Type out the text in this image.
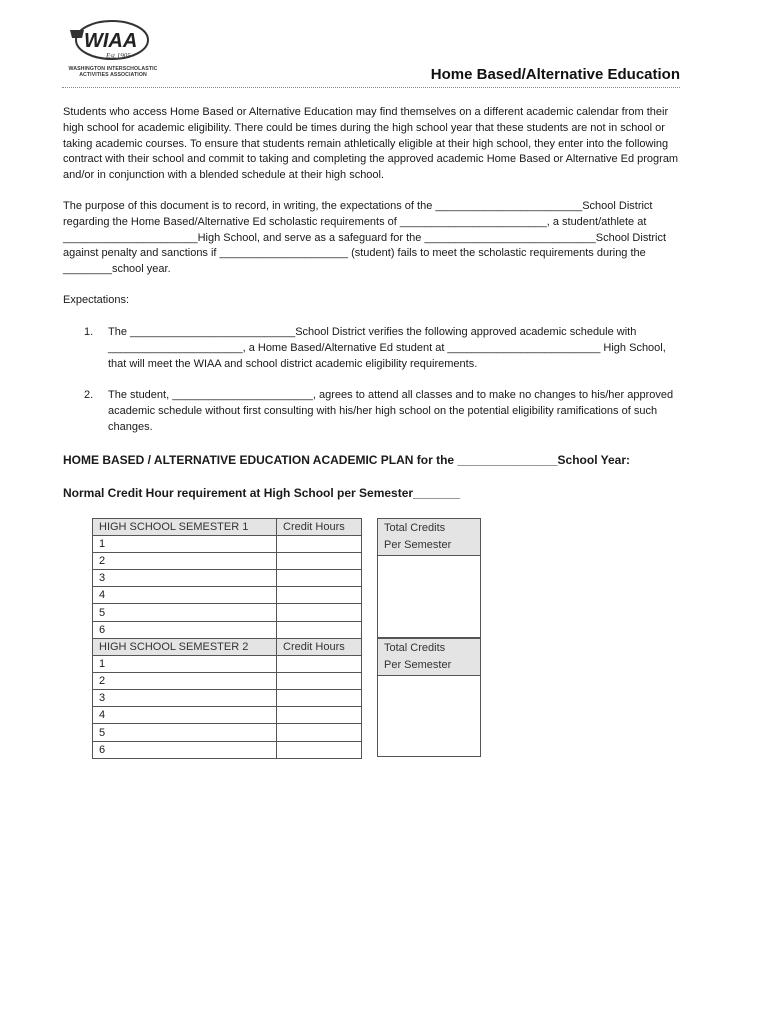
WIAA
Est.1905
WASHINGTON INTERSCHOLASTIC
ACTIVITIES ASSOCIATION	Home Based/Alternative Education
Students who access Home Based or Alternative Education may find themselves on a different academic calendar from their high school for academic eligibility. There could be times during the high school year that these students are not in school or taking academic courses. To ensure that students remain athletically eligible at their high school, they enter into the following contract with their school and commit to taking and completing the approved academic Home Based or Alternative Ed program and/or in conjunction with a blended schedule at their high school.
The purpose of this document is to record, in writing, the expectations of the ________________________School District regarding the Home Based/Alternative Ed scholastic requirements of ________________________, a student/athlete at ______________________High School, and serve as a safeguard for the ____________________________School District against penalty and sanctions if _____________________ (student) fails to meet the scholastic requirements during the ________school year.
Expectations:
1. The ___________________________School District verifies the following approved academic schedule with ______________________, a Home Based/Alternative Ed student at _________________________ High School, that will meet the WIAA and school district academic eligibility requirements.
2. The student, _______________________, agrees to attend all classes and to make no changes to his/her approved academic schedule without first consulting with his/her high school on the potential eligibility ramifications of such changes.
HOME BASED / ALTERNATIVE EDUCATION ACADEMIC PLAN for the _______________School Year:
Normal Credit Hour requirement at High School per Semester_______
HIGH SCHOOL SEMESTER 1	Credit Hours
1	
2	
3	
4	
5	
6	
Total Credits
Per Semester
HIGH SCHOOL SEMESTER 2	Credit Hours
1	
2	
3	
4	
5	
6	
Total Credits
Per Semester
